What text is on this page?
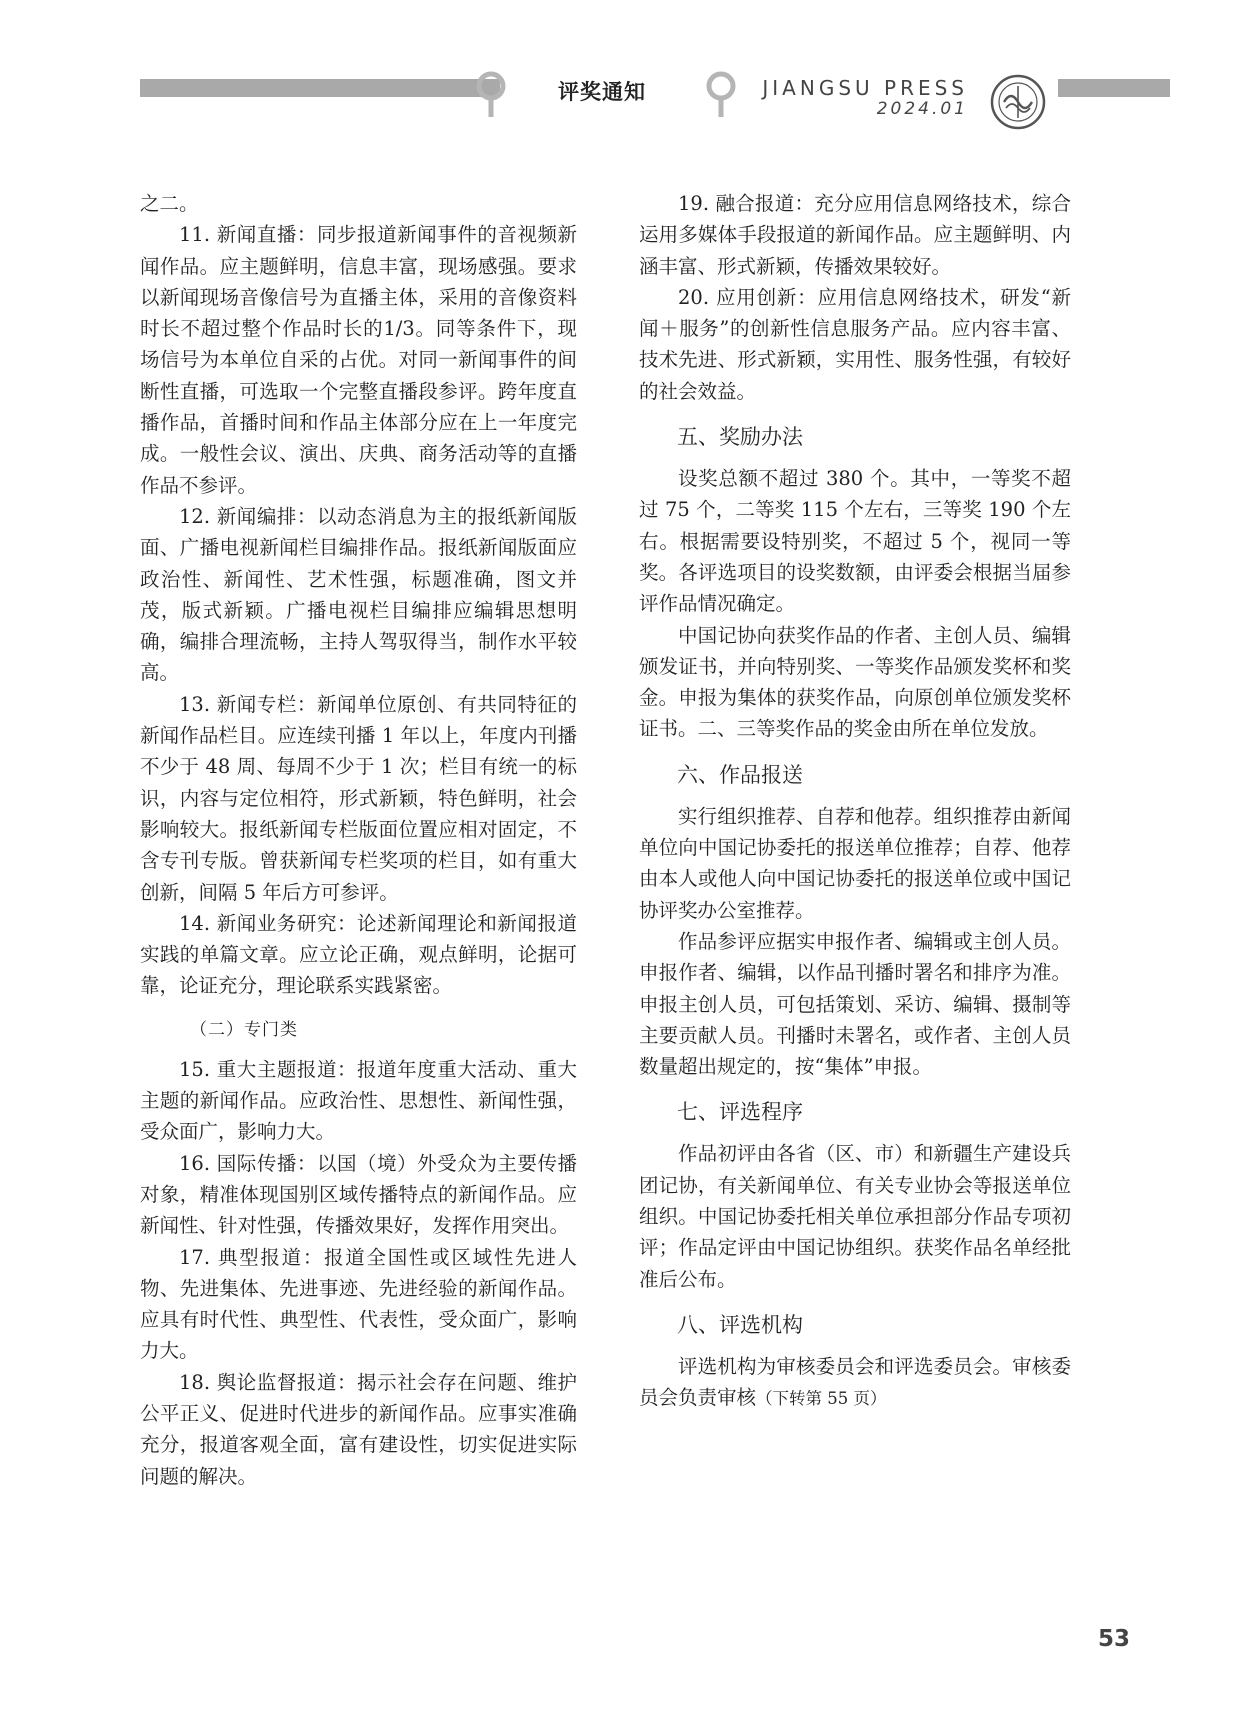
评奖通知	JIANGSU PRESS
2024.01

之二。

11. 新闻直播：同步报道新闻事件的音视频新闻作品。应主题鲜明，信息丰富，现场感强。要求以新闻现场音像信号为直播主体，采用的音像资料时长不超过整个作品时长的1/3。同等条件下，现场信号为本单位自采的占优。对同一新闻事件的间断性直播，可选取一个完整直播段参评。跨年度直播作品，首播时间和作品主体部分应在上一年度完成。一般性会议、演出、庆典、商务活动等的直播作品不参评。

12. 新闻编排：以动态消息为主的报纸新闻版面、广播电视新闻栏目编排作品。报纸新闻版面应政治性、新闻性、艺术性强，标题准确，图文并茂，版式新颖。广播电视栏目编排应编辑思想明确，编排合理流畅，主持人驾驭得当，制作水平较高。

13. 新闻专栏：新闻单位原创、有共同特征的新闻作品栏目。应连续刊播 1 年以上，年度内刊播不少于 48 周、每周不少于 1 次；栏目有统一的标识，内容与定位相符，形式新颖，特色鲜明，社会影响较大。报纸新闻专栏版面位置应相对固定，不含专刊专版。曾获新闻专栏奖项的栏目，如有重大创新，间隔 5 年后方可参评。

14. 新闻业务研究：论述新闻理论和新闻报道实践的单篇文章。应立论正确，观点鲜明，论据可靠，论证充分，理论联系实践紧密。

（二）专门类

15. 重大主题报道：报道年度重大活动、重大主题的新闻作品。应政治性、思想性、新闻性强，受众面广，影响力大。

16. 国际传播：以国（境）外受众为主要传播对象，精准体现国别区域传播特点的新闻作品。应新闻性、针对性强，传播效果好，发挥作用突出。

17. 典型报道：报道全国性或区域性先进人物、先进集体、先进事迹、先进经验的新闻作品。应具有时代性、典型性、代表性，受众面广，影响力大。

18. 舆论监督报道：揭示社会存在问题、维护公平正义、促进时代进步的新闻作品。应事实准确充分，报道客观全面，富有建设性，切实促进实际问题的解决。

19. 融合报道：充分应用信息网络技术，综合运用多媒体手段报道的新闻作品。应主题鲜明、内涵丰富、形式新颖，传播效果较好。

20. 应用创新：应用信息网络技术，研发“新闻＋服务”的创新性信息服务产品。应内容丰富、技术先进、形式新颖，实用性、服务性强，有较好的社会效益。

五、奖励办法

设奖总额不超过 380 个。其中，一等奖不超过 75 个，二等奖 115 个左右，三等奖 190 个左右。根据需要设特别奖，不超过 5 个，视同一等奖。各评选项目的设奖数额，由评委会根据当届参评作品情况确定。

中国记协向获奖作品的作者、主创人员、编辑颁发证书，并向特别奖、一等奖作品颁发奖杯和奖金。申报为集体的获奖作品，向原创单位颁发奖杯证书。二、三等奖作品的奖金由所在单位发放。

六、作品报送

实行组织推荐、自荐和他荐。组织推荐由新闻单位向中国记协委托的报送单位推荐；自荐、他荐由本人或他人向中国记协委托的报送单位或中国记协评奖办公室推荐。

作品参评应据实申报作者、编辑或主创人员。申报作者、编辑，以作品刊播时署名和排序为准。申报主创人员，可包括策划、采访、编辑、摄制等主要贡献人员。刊播时未署名，或作者、主创人员数量超出规定的，按“集体”申报。

七、评选程序

作品初评由各省（区、市）和新疆生产建设兵团记协，有关新闻单位、有关专业协会等报送单位组织。中国记协委托相关单位承担部分作品专项初评；作品定评由中国记协组织。获奖作品名单经批准后公布。

八、评选机构

评选机构为审核委员会和评选委员会。审核委员会负责审核（下转第 55 页）

53
